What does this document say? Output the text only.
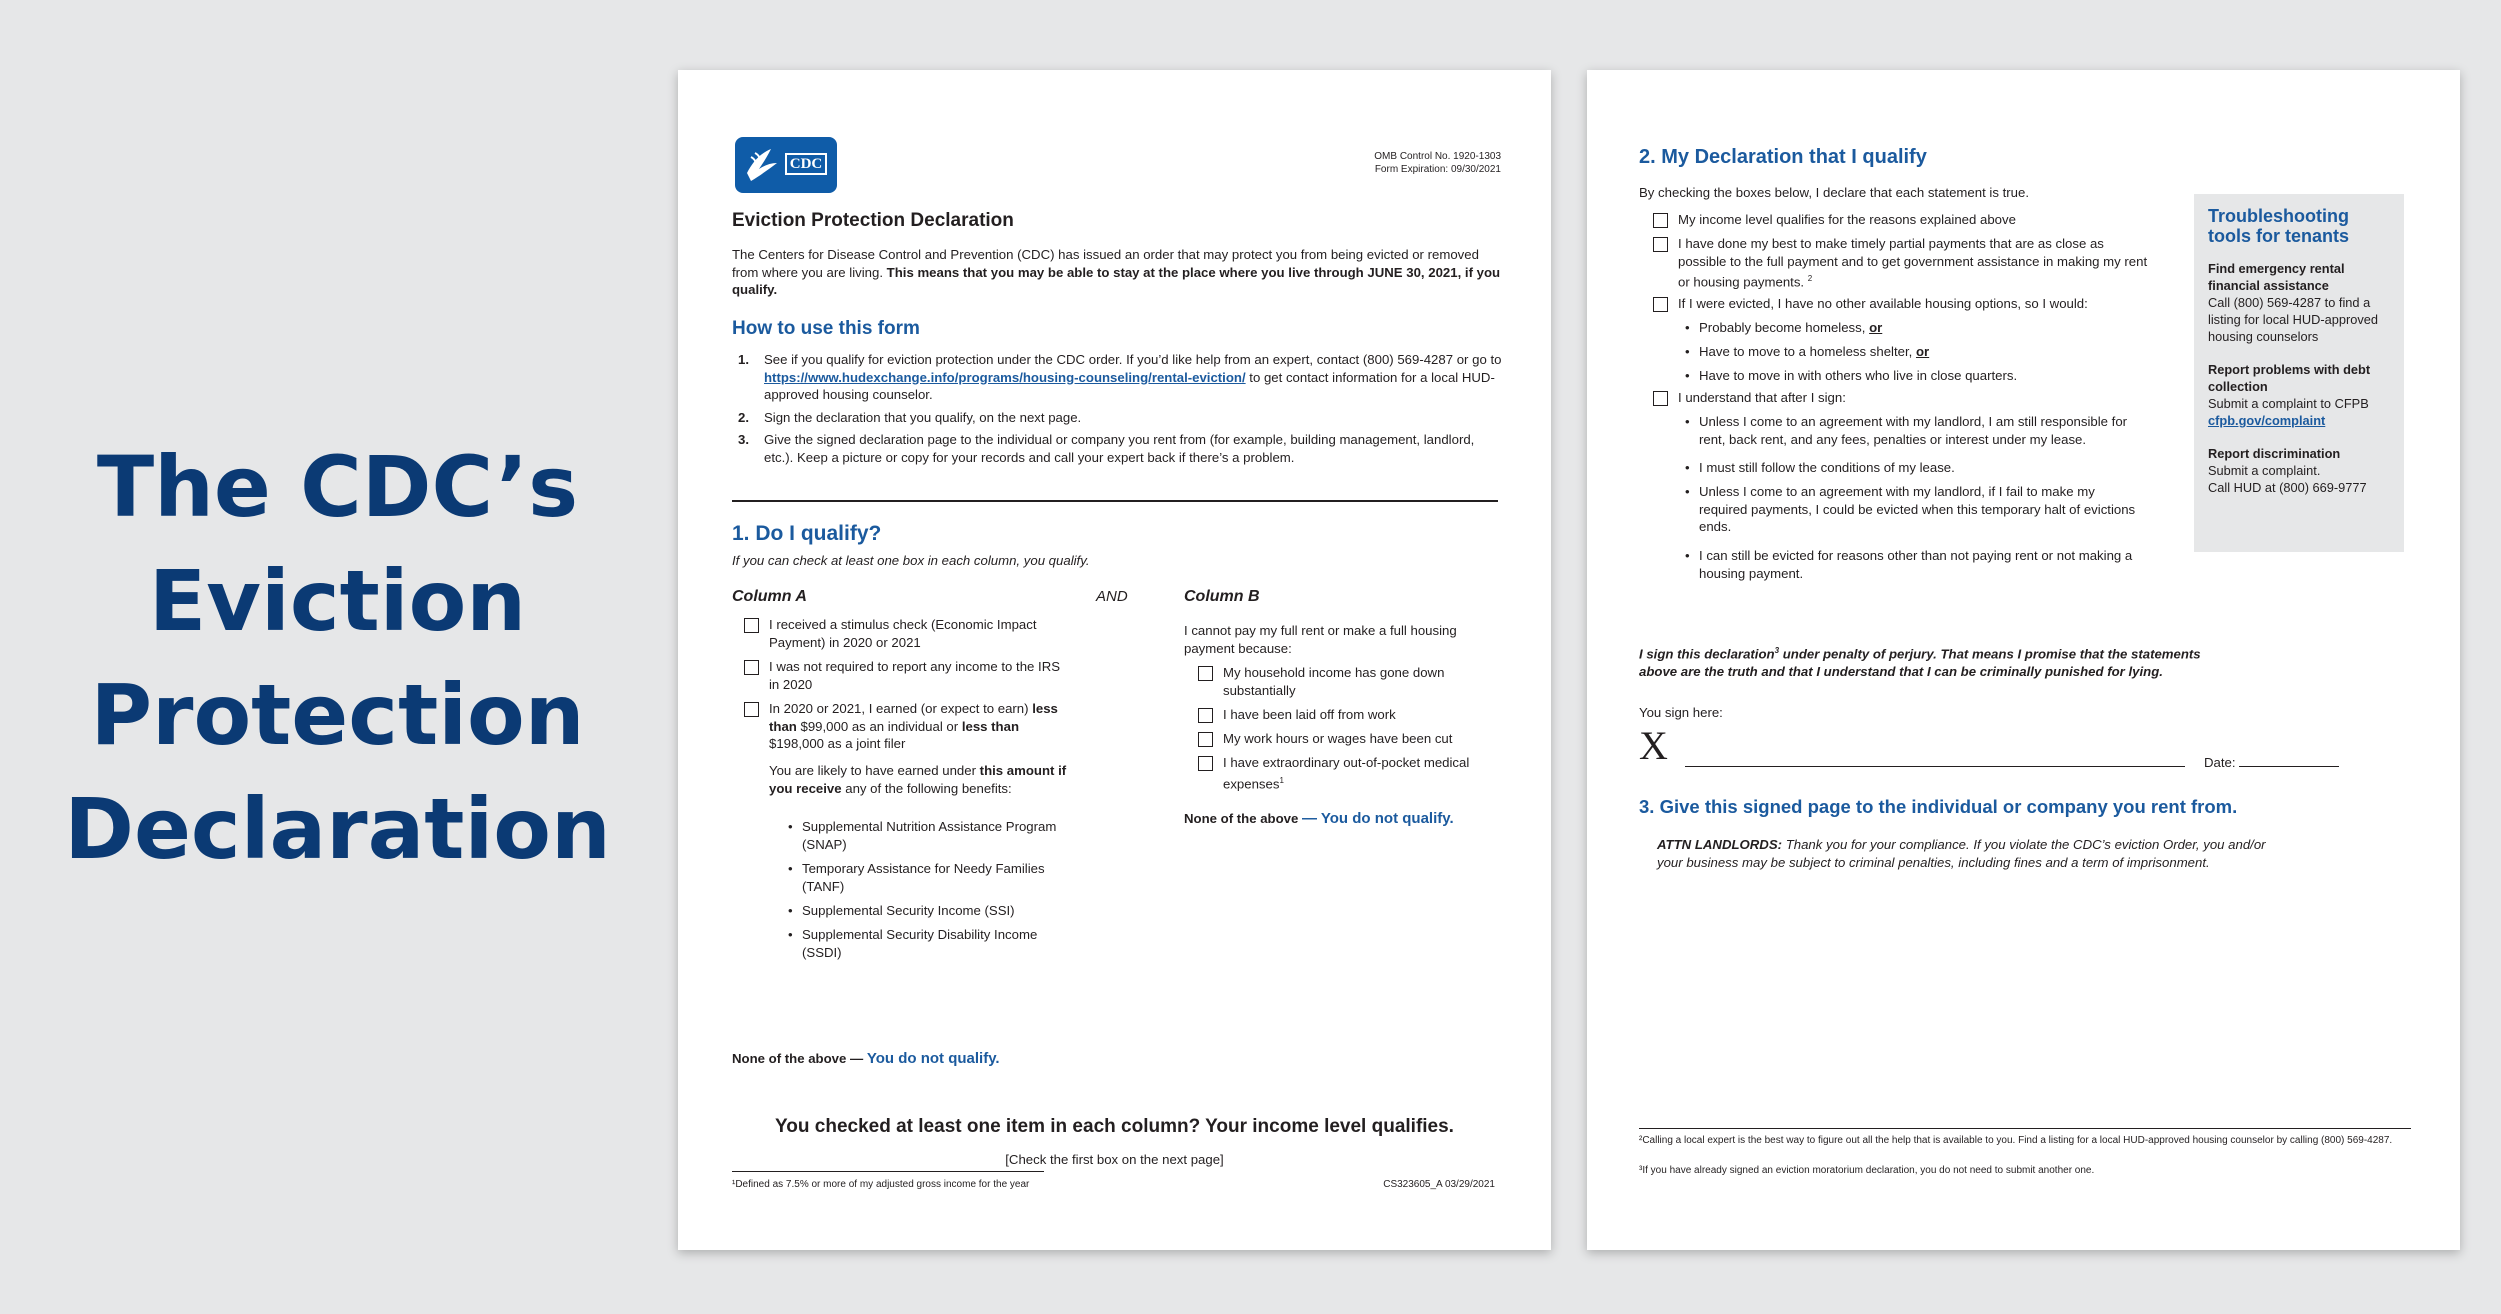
The CDC’s
Eviction
Protection
Declaration
CDC	OMB Control No. 1920-1303
Form Expiration: 09/30/2021
Eviction Protection Declaration
The Centers for Disease Control and Prevention (CDC) has issued an order that may protect you from being evicted or removed from where you are living. This means that you may be able to stay at the place where you live through JUNE 30, 2021, if you qualify.
How to use this form
1. See if you qualify for eviction protection under the CDC order. If you’d like help from an expert, contact (800) 569-4287 or go to https://www.hudexchange.info/programs/housing-counseling/rental-eviction/ to get contact information for a local HUD-approved housing counselor.
2. Sign the declaration that you qualify, on the next page.
3. Give the signed declaration page to the individual or company you rent from (for example, building management, landlord, etc.). Keep a picture or copy for your records and call your expert back if there’s a problem.
1. Do I qualify?
If you can check at least one box in each column, you qualify.
Column A	AND	Column B
I received a stimulus check (Economic Impact Payment) in 2020 or 2021
I was not required to report any income to the IRS in 2020
In 2020 or 2021, I earned (or expect to earn) less than $99,000 as an individual or less than $198,000 as a joint filer
You are likely to have earned under this amount if you receive any of the following benefits:
• Supplemental Nutrition Assistance Program (SNAP)
• Temporary Assistance for Needy Families (TANF)
• Supplemental Security Income (SSI)
• Supplemental Security Disability Income (SSDI)
None of the above — You do not qualify.
I cannot pay my full rent or make a full housing payment because:
My household income has gone down substantially
I have been laid off from work
My work hours or wages have been cut
I have extraordinary out-of-pocket medical expenses$^1$
None of the above — You do not qualify.
You checked at least one item in each column? Your income level qualifies.
[Check the first box on the next page]
¹Defined as 7.5% or more of my adjusted gross income for the year	CS323605_A 03/29/2021
2. My Declaration that I qualify
By checking the boxes below, I declare that each statement is true.
My income level qualifies for the reasons explained above
I have done my best to make timely partial payments that are as close as possible to the full payment and to get government assistance in making my rent or housing payments. $^2$
If I were evicted, I have no other available housing options, so I would:
• Probably become homeless, or
• Have to move to a homeless shelter, or
• Have to move in with others who live in close quarters.
I understand that after I sign:
• Unless I come to an agreement with my landlord, I am still responsible for rent, back rent, and any fees, penalties or interest under my lease.
• I must still follow the conditions of my lease.
• Unless I come to an agreement with my landlord, if I fail to make my required payments, I could be evicted when this temporary halt of evictions ends.
• I can still be evicted for reasons other than not paying rent or not making a housing payment.
Troubleshooting tools for tenants
Find emergency rental financial assistance
Call (800) 569-4287 to find a listing for local HUD-approved housing counselors
Report problems with debt collection
Submit a complaint to CFPB
cfpb.gov/complaint
Report discrimination
Submit a complaint.
Call HUD at (800) 669-9777
I sign this declaration$^3$ under penalty of perjury. That means I promise that the statements above are the truth and that I understand that I can be criminally punished for lying.
You sign here:
X	Date:
3. Give this signed page to the individual or company you rent from.
ATTN LANDLORDS: Thank you for your compliance. If you violate the CDC’s eviction Order, you and/or your business may be subject to criminal penalties, including fines and a term of imprisonment.
²Calling a local expert is the best way to figure out all the help that is available to you. Find a listing for a local HUD-approved housing counselor by calling (800) 569-4287.
³If you have already signed an eviction moratorium declaration, you do not need to submit another one.
